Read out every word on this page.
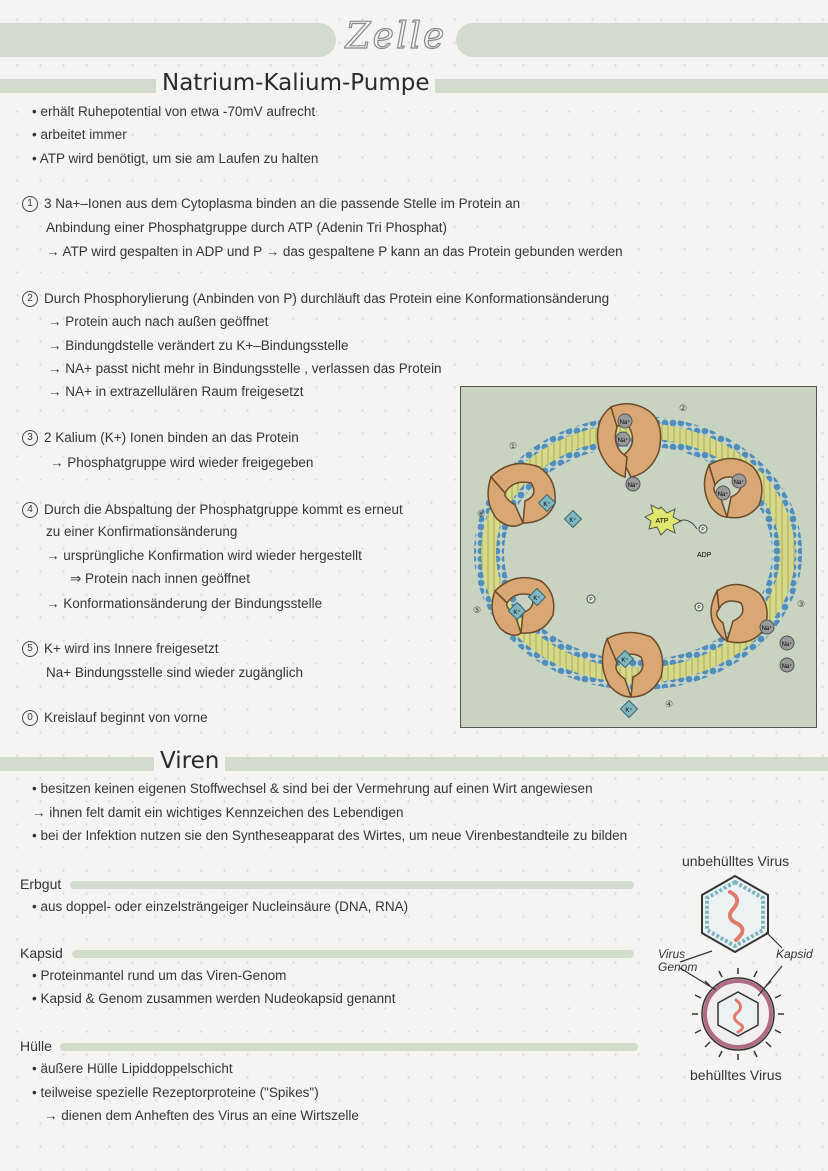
Zelle
Natrium-Kalium-Pumpe
• erhält Ruhepotential von etwa -70mV aufrecht
• arbeitet immer
• ATP wird benötigt, um sie am Laufen zu halten
1 3 Na+–Ionen aus dem Cytoplasma binden an die passende Stelle im Protein an
Anbindung einer Phosphatgruppe durch ATP (Adenin Tri Phosphat)
→ ATP wird gespalten in ADP und P → das gespaltene P kann an das Protein gebunden werden
2 Durch Phosphorylierung (Anbinden von P) durchläuft das Protein eine Konformationsänderung
→ Protein auch nach außen geöffnet
→ Bindungdstelle verändert zu K+–Bindungsstelle
→ NA+ passt nicht mehr in Bindungsstelle , verlassen das Protein
→ NA+ in extrazellulären Raum freigesetzt
3 2 Kalium (K+) Ionen binden an das Protein
→ Phosphatgruppe wird wieder freigegeben
4 Durch die Abspaltung der Phosphatgruppe kommt es erneut
zu einer Konfirmationsänderung
→ ursprüngliche Konfirmation wird wieder hergestellt
⇒ Protein nach innen geöffnet
→ Konformationsänderung der Bindungsstelle
5 K+ wird ins Innere freigesetzt
Na+ Bindungsstelle sind wieder zugänglich
0 Kreislauf beginnt von vorne
Na⁺
Na⁺
Na⁺
Na⁺
Na⁺
Na⁺
Na⁺
Na⁺
K⁺
K⁺
K⁺
K⁺
K⁺
K⁺
ATP
ADP
P
P
P
①
②
③
④
⑤
⑥
Viren
• besitzen keinen eigenen Stoffwechsel & sind bei der Vermehrung auf einen Wirt angewiesen
→ ihnen felt damit ein wichtiges Kennzeichen des Lebendigen
• bei der Infektion nutzen sie den Syntheseapparat des Wirtes, um neue Virenbestandteile zu bilden
Erbgut
• aus doppel- oder einzelsträngeiger Nucleinsäure (DNA, RNA)
Kapsid
• Proteinmantel rund um das Viren-Genom
• Kapsid & Genom zusammen werden Nudeokapsid genannt
Hülle
• äußere Hülle Lipiddoppelschicht
• teilweise spezielle Rezeptorproteine ("Spikes")
→ dienen dem Anheften des Virus an eine Wirtszelle
unbehülltes Virus
behülltes Virus
Virus
Genom
Kapsid
